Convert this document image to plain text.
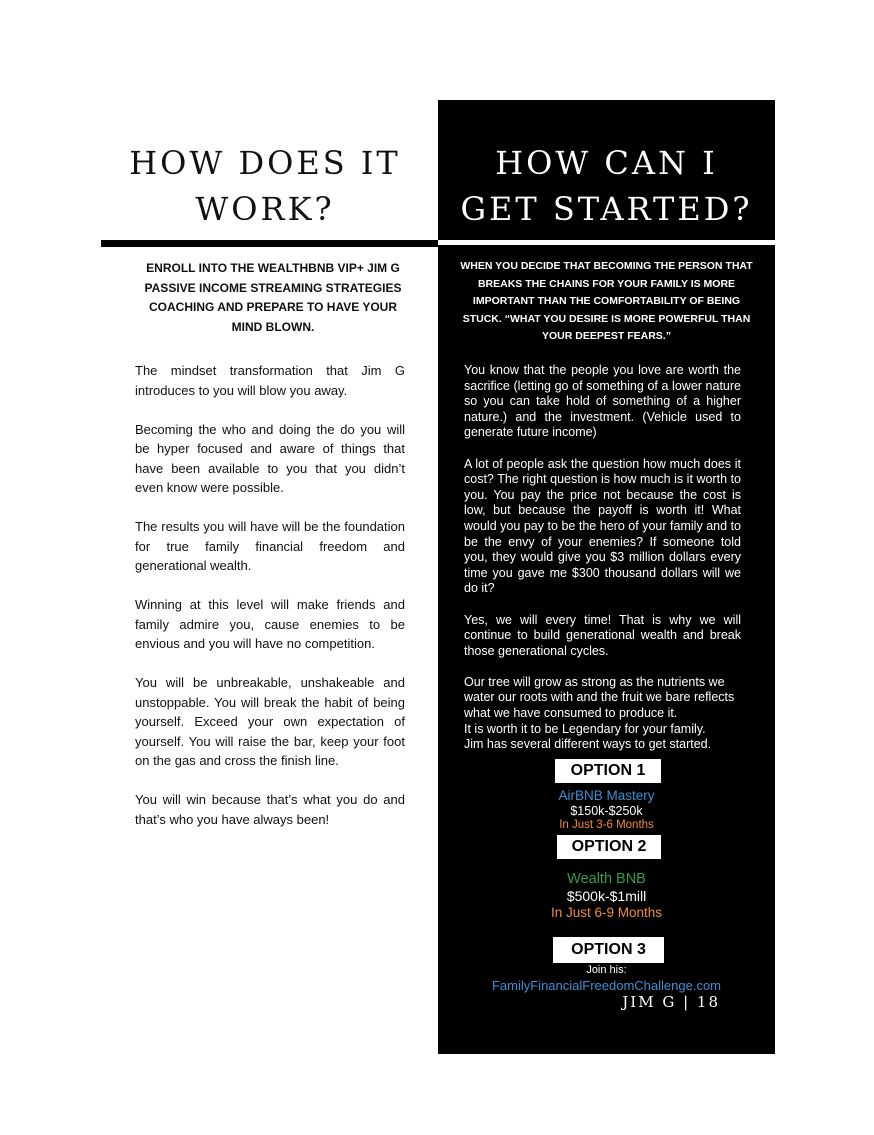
HOW DOES IT WORK?

ENROLL INTO THE WEALTHBNB VIP+ JIM G PASSIVE INCOME STREAMING STRATEGIES COACHING AND PREPARE TO HAVE YOUR MIND BLOWN.

The mindset transformation that Jim G introduces to you will blow you away.

Becoming the who and doing the do you will be hyper focused and aware of things that have been available to you that you didn’t even know were possible.

The results you will have will be the foundation for true family financial freedom and generational wealth.

Winning at this level will make friends and family admire you, cause enemies to be envious and you will have no competition.

You will be unbreakable, unshakeable and unstoppable. You will break the habit of being yourself. Exceed your own expectation of yourself. You will raise the bar, keep your foot on the gas and cross the finish line.

You will win because that’s what you do and that’s who you have always been!

HOW CAN I GET STARTED?

WHEN YOU DECIDE THAT BECOMING THE PERSON THAT BREAKS THE CHAINS FOR YOUR FAMILY IS MORE IMPORTANT THAN THE COMFORTABILITY OF BEING STUCK. “WHAT YOU DESIRE IS MORE POWERFUL THAN YOUR DEEPEST FEARS.”

You know that the people you love are worth the sacrifice (letting go of something of a lower nature so you can take hold of something of a higher nature.) and the investment. (Vehicle used to generate future income)

A lot of people ask the question how much does it cost? The right question is how much is it worth to you. You pay the price not because the cost is low, but because the payoff is worth it! What would you pay to be the hero of your family and to be the envy of your enemies? If someone told you, they would give you $3 million dollars every time you gave me $300 thousand dollars will we do it?

Yes, we will every time! That is why we will continue to build generational wealth and break those generational cycles.

Our tree will grow as strong as the nutrients we water our roots with and the fruit we bare reflects what we have consumed to produce it.
It is worth it to be Legendary for your family.
Jim has several different ways to get started.

OPTION 1
AirBNB Mastery
$150k-$250k
In Just 3-6 Months
OPTION 2
Wealth BNB
$500k-$1mill
In Just 6-9 Months
OPTION 3
Join his:
FamilyFinancialFreedomChallenge.com
JIM G | 18
